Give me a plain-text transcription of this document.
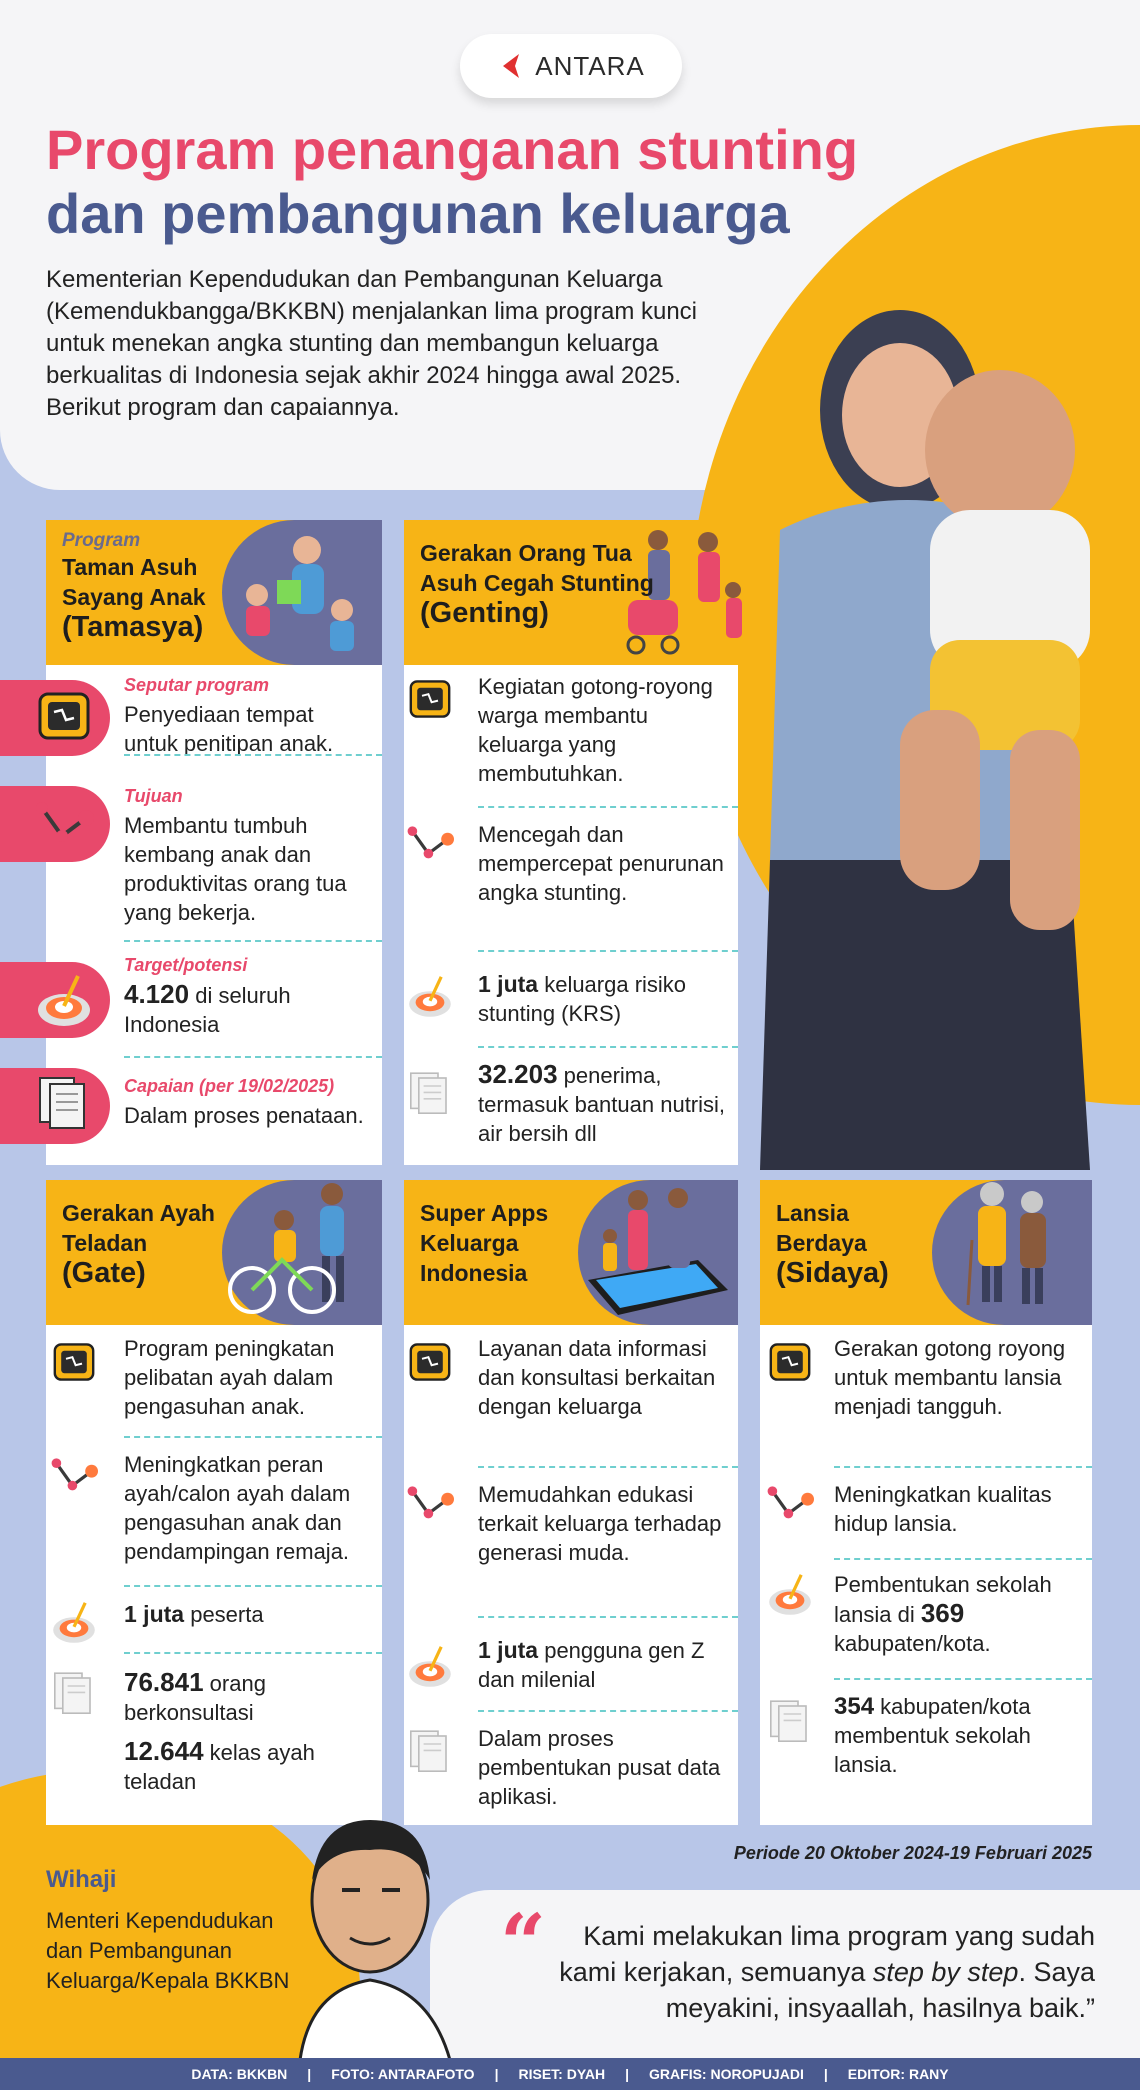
ANTARA
Program penanganan stunting
dan pembangunan keluarga

Kementerian Kependudukan dan Pembangunan Keluarga (Kemendukbangga/BKKBN) menjalankan lima program kunci untuk menekan angka stunting dan membangun keluarga berkualitas di Indonesia sejak akhir 2024 hingga awal 2025. Berikut program dan capaiannya.

Program
Taman Asuh Sayang Anak
(Tamasya)
Seputar program
Penyediaan tempat untuk penitipan anak.
Tujuan
Membantu tumbuh kembang anak dan produktivitas orang tua yang bekerja.
Target/potensi
4.120 di seluruh Indonesia
Capaian (per 19/02/2025)
Dalam proses penataan.
Gerakan Orang Tua Asuh Cegah Stunting
(Genting)
Kegiatan gotong-royong warga membantu keluarga yang membutuhkan.
Mencegah dan mempercepat penurunan angka stunting.
1 juta keluarga risiko stunting (KRS)
32.203 penerima, termasuk bantuan nutrisi, air bersih dll
Gerakan Ayah Teladan
(Gate)
Program peningkatan pelibatan ayah dalam pengasuhan anak.
Meningkatkan peran ayah/calon ayah dalam pengasuhan anak dan pendampingan remaja.
1 juta peserta
76.841 orang berkonsultasi
12.644 kelas ayah teladan
Super Apps Keluarga Indonesia
Layanan data informasi dan konsultasi berkaitan dengan keluarga
Memudahkan edukasi terkait keluarga terhadap generasi muda.
1 juta pengguna gen Z dan milenial
Dalam proses pembentukan pusat data aplikasi.
Lansia Berdaya
(Sidaya)
Gerakan gotong royong untuk membantu lansia menjadi tangguh.
Meningkatkan kualitas hidup lansia.
Pembentukan sekolah lansia di 369 kabupaten/kota.
354 kabupaten/kota membentuk sekolah lansia.
Periode 20 Oktober 2024-19 Februari 2025
“	Kami melakukan lima program yang sudah kami kerjakan, semuanya step by step. Saya meyakini, insyaallah, hasilnya baik.”

Wihaji
Menteri Kependudukan dan Pembangunan Keluarga/Kepala BKKBN
DATA: BKKBN | FOTO: ANTARAFOTO | RISET: DYAH | GRAFIS: NOROPUJADI | EDITOR: RANY
